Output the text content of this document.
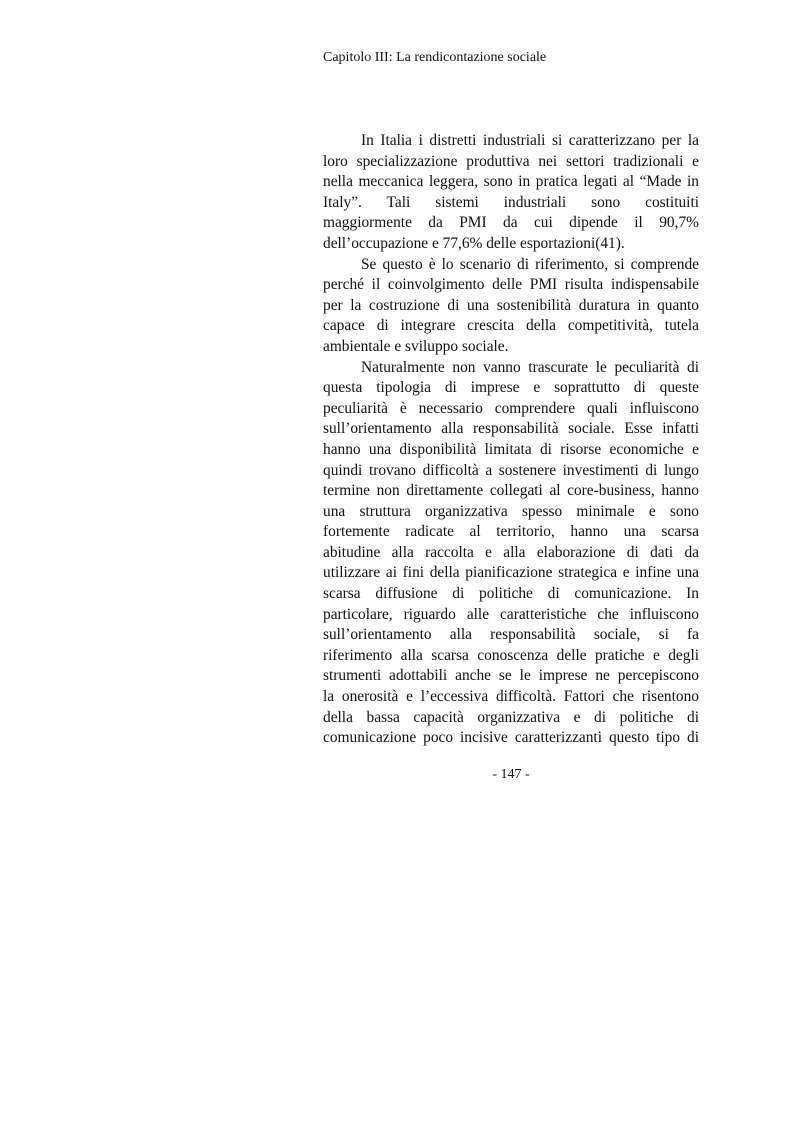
Capitolo III: La rendicontazione sociale

In Italia i distretti industriali si caratterizzano per la
loro specializzazione produttiva nei settori tradizionali e
nella meccanica leggera, sono in pratica legati al “Made in
Italy”. Tali sistemi industriali sono costituiti
maggiormente da PMI da cui dipende il 90,7%
dell’occupazione e 77,6% delle esportazioni(41).

Se questo è lo scenario di riferimento, si comprende
perché il coinvolgimento delle PMI risulta indispensabile
per la costruzione di una sostenibilità duratura in quanto
capace di integrare crescita della competitività, tutela
ambientale e sviluppo sociale.

Naturalmente non vanno trascurate le peculiarità di
questa tipologia di imprese e soprattutto di queste
peculiarità è necessario comprendere quali influiscono
sull’orientamento alla responsabilità sociale. Esse infatti
hanno una disponibilità limitata di risorse economiche e
quindi trovano difficoltà a sostenere investimenti di lungo
termine non direttamente collegati al core-business, hanno
una struttura organizzativa spesso minimale e sono
fortemente radicate al territorio, hanno una scarsa
abitudine alla raccolta e alla elaborazione di dati da
utilizzare ai fini della pianificazione strategica e infine una
scarsa diffusione di politiche di comunicazione. In
particolare, riguardo alle caratteristiche che influiscono
sull’orientamento alla responsabilità sociale, si fa
riferimento alla scarsa conoscenza delle pratiche e degli
strumenti adottabili anche se le imprese ne percepiscono
la onerosità e l’eccessiva difficoltà. Fattori che risentono
della bassa capacità organizzativa e di politiche di
comunicazione poco incisive caratterizzanti questo tipo di

- 147 -
